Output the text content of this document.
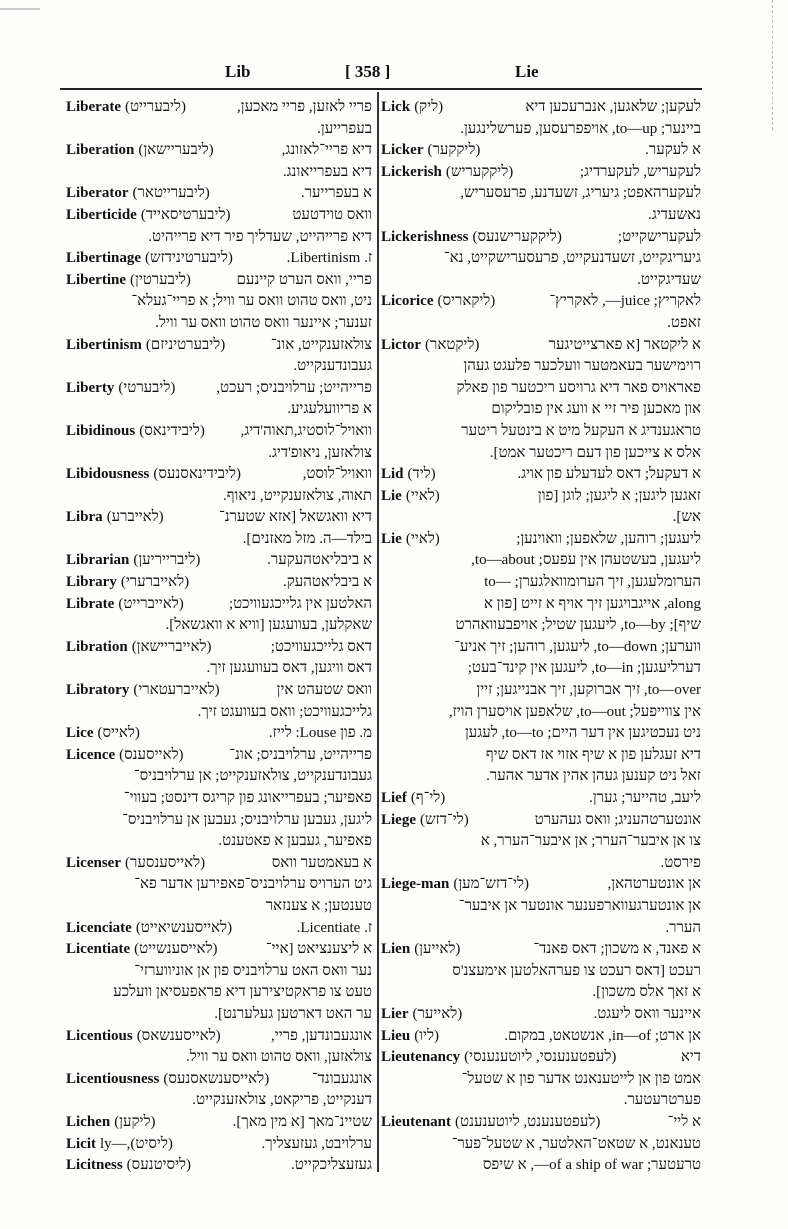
Lib	[ 358 ]	Lie
Liberate (ליבערייט)	פריי לאזען, פריי מאכען,
בעפרייען.
Liberation (ליבעריישאן)	דיא פריי־לאזונג,
דיא בעפרייאונג.
Liberator (ליבערייטאר)	א בעפרייער.
Liberticide (ליבערטיסאייד)	וואס טוידטעט
דיא פרייהייט, שעדליך פיר דיא פרייהיט.
Libertinage (ליבערטינידזש)	ז. Libertinism.
Libertine (ליבערטין)	פריי, וואס הערט קיינעם
ניט, וואס טהוט וואס ער וויל; א פריי־געלא־
זענער; איינער וואס טהוט וואס ער וויל.
Libertinism (ליבערטיניזם)	צולאזענקייט, אונ־
געבונדענקייט.
Liberty (ליבערטי)	פרייהייט; ערלויבניס; רעכט,
א פריוועלעגיע.
Libidinous (ליבידינאס)	וואויל־לוסטיג,תאוה'דיג,
צולאזען, ניאופ'דיג.
Libidousness (ליבידינאסנעס)	וואויל־לוסט,
תאוה, צולאזענקייט, ניאוף.
Libra (לאייברע)	דיא וואגשאל [אזא שטערנ־
בילד—ה. מזל מאזנים].
Librarian (ליברייריען)	א ביבליאטהעקער.
Library (לאייברערי)	א ביבליאטהעק.
Librate (לאייברייט)	האלטען אין גלייכגעוויכט;
שאקלען, בעוועגען [וויא א וואגשאל].
Libration (לאייבריישאן)	דאס גלייכגעוויכט;
דאס וויגען, דאס בעוועגען זיך.
Libratory (לאייברעטארי)	וואס שטעהט אין
גלייכגעוויכט; וואס בעוועגט זיך.
Lice (לאייס)	מ. פון Louse: לייז.
Licence (לאייסענס)	פרייהייט, ערלויבניס; אונ־
געבונדענקייט, צולאזענקייט; אן ערלויבניס־
פאפיער; בעפרייאונג פון קריגס דינסט; בעווי־
ליגען, געבען ערלויבניס; געבען אן ערלויבניס־
פאפיער, געבען א פאטענט.
Licenser (לאייסענסער)	א בעאמטער וואס
גיט הערויס ערלויבניס־פאפירען אדער פא־
טענטען; א צענזאר
Licenciate (לאייסענשיאייט)	ז. Licentiate.
Licentiate (לאייסענשייט)	א ליצענציאט [איי־
נער וואס האט ערלויבניס פון אן אוניווערזי־
טעט צו פראקטיצירען דיא פראפעסיאן וועלכע
ער האט דארטען געלערנט].
Licentious (לאייסענשאס)	אונגעבונדען, פריי,
צולאזען, וואס טהוט וואס ער וויל.
Licentiousness (לאייסענשאסנעס)	אונגעבונד־
דענקייט, פריקאט, צולאזענקייט.
Lichen (ליקען)	שטיינ־מאך [א מין מאך].
Licit (ליסיט),—ly	ערלויבט, געזעצליך.
Licitness (ליסיטנעס)	געזעצליכקייט.
Lick (ליק)	לעקען; שלאגען, אנברעכען דיא
ביינער; to—up, אויפפרעסען, פערשלינגען.
Licker (ליקקער)	א לעקער.
Lickerish (ליקקעריש)	לעקעריש, לעקערדיג;
לעקערהאפט; גיעריג, זשעדנע, פרעסעריש,
נאשעדיג.
Lickerishness (ליקקערישנעס)	לעקערישקייט;
גיעריגקייט, זשעדנעקייט, פרעסערישקייט, נא־
שעדיגקייט.
Licorice (ליקאריס)	לאקריץ; juice—, לאקריץ־
זאפט.
Lictor (ליקטאר)	א ליקטאר [א פארצייטיגער
רוימישער בעאמטער וועלכער פלעגט געהן
פאראויס פאר דיא גרויסע ריכטער פון פאלק
און מאכען פיר זיי א וועג אין פובליקום
טראגענדיג א העקעל מיט א בינטעל ריטער
אלס א צייכען פון דעם ריכטער אמט].
Lid (ליד)	א דעקעל; דאס לעדעלע פון אויג.
Lie (לאיי)	זאגען ליגען; א ליגען; לוגן [פון
אש].
Lie (לאיי)	ליעגען; רוהען, שלאפען; וואוינען;
ליעגען, בעשטעהן אין עפעס; to—about,
הערומלעגען, זיך הערומוואלגערן; —to
along, אייגבויגען זיך אויף א זייט [פון א
שיף]; to—by, ליעגען שטיל; אויפבעוואהרט
ווערען; to—down, ליעגען, רוהען; זיך אניע־
דערליעגען; to—in, ליעגען אין קינד־בעט;
to—over, זיך אברוקען, זיך אבנייגען; זיין
אין צווייפעל; to—out, שלאפען אויסערן הויז,
ניט נעכטיגען אין דער היים; to—to, לעגען
דיא זעגלען פון א שיף אזוי אז דאס שיף
זאל ניט קענען געהן אהין אדער אהער.
Lief (לי־ף)	ליעב, טהייער; גערן.
Liege (לי־דזש)	אונטערטהעניג; וואס געהערט
צו אן איבער־הערר; אן איבער־הערר, א
פירסט.
Liege-man (לי־דזש־מען)	אן אונטערטהאן,
אן אונטערגעווארפענער אונטער אן איבער־
הערר.
Lien (לאייען)	א פאנד, א משכון; דאס פאנד־
רעכט [דאס רעכט צו פערהאלטען אימעצנ'ס
א זאך אלס משכון].
Lier (לאייער)	איינער וואס ליעגט.
Lieu (ליו)	אן ארט; in—of, אנשטאט, במקום.
Lieutenancy (לעפטענענסי, ליוטענענסי)	דיא
אמט פון אן לייטענאנט אדער פון א שטעל־
פערטרעטער.
Lieutenant (לעפטענענט, ליוטענענט)	א ליי־
טענאנט, א שטאט־האלטער, א שטעל־פער־
טרעטער; of a ship of war—, א שיפס
